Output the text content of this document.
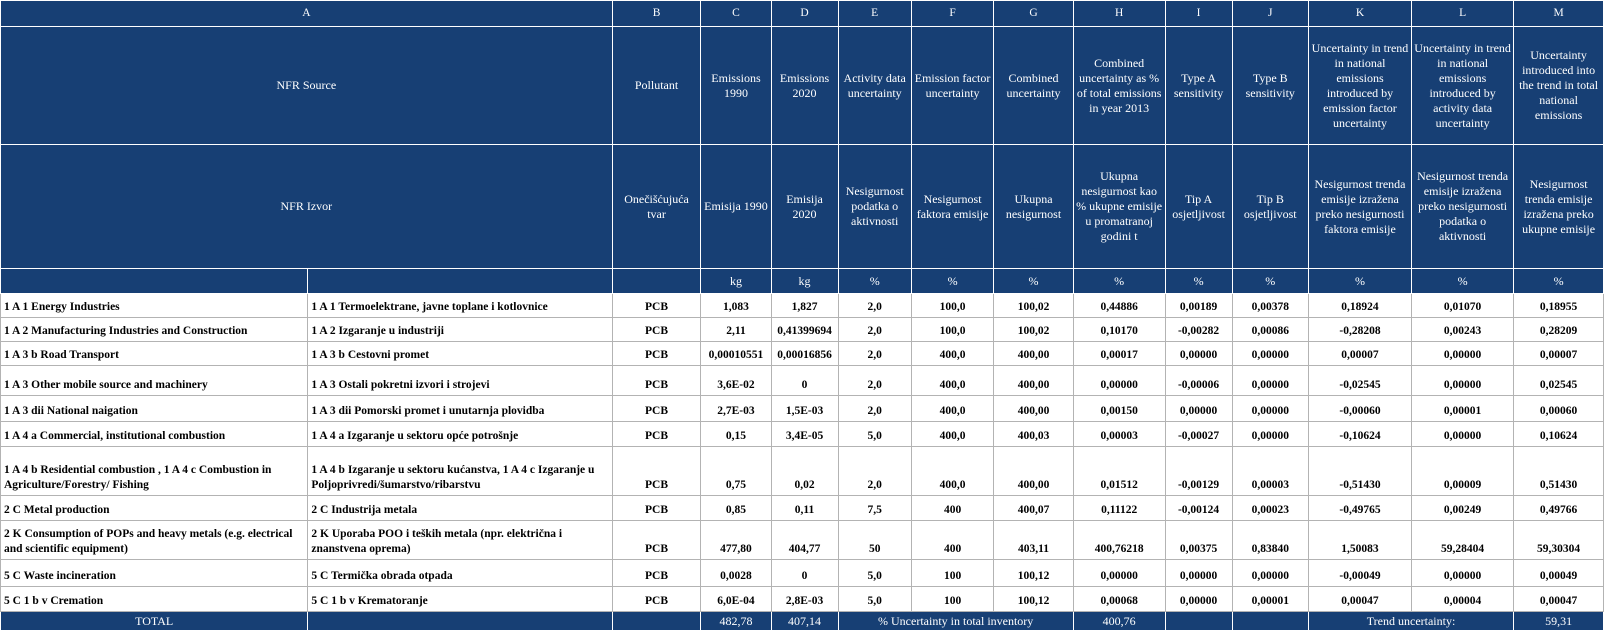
A		B	C	D	E	F	G	H	I	J	K	L	M
NFR Source		Pollutant	Emissions 1990	Emissions 2020	Activity data uncertainty	Emission factor uncertainty	Combined uncertainty	Combined uncertainty as % of total emissions in year 2013	Type A sensitivity	Type B sensitivity	Uncertainty in trend in national emissions introduced by emission factor uncertainty	Uncertainty in trend in national emissions introduced by activity data uncertainty	Uncertainty introduced into the trend in total national emissions
NFR Izvor		Onečišćujuća tvar	Emisija 1990	Emisija 2020	Nesigurnost podatka o aktivnosti	Nesigurnost faktora emisije	Ukupna nesigurnost	Ukupna nesigurnost kao % ukupne emisije u promatranoj godini t	Tip A osjetljivost	Tip B osjetljivost	Nesigurnost trenda emisije izražena preko nesigurnosti faktora emisije	Nesigurnost trenda emisije izražena preko nesigurnosti podatka o aktivnosti	Nesigurnost trenda emisije izražena preko ukupne emisije
			kg	kg	%	%	%	%	%	%	%	%	%
1 A 1 Energy Industries	1 A 1 Termoelektrane, javne toplane i kotlovnice	PCB	1,083	1,827	2,0	100,0	100,02	0,44886	0,00189	0,00378	0,18924	0,01070	0,18955
1 A 2 Manufacturing Industries and Construction	1 A 2 Izgaranje u industriji	PCB	2,11	0,41399694	2,0	100,0	100,02	0,10170	-0,00282	0,00086	-0,28208	0,00243	0,28209
1 A 3 b Road Transport	1 A 3 b Cestovni promet	PCB	0,00010551	0,00016856	2,0	400,0	400,00	0,00017	0,00000	0,00000	0,00007	0,00000	0,00007
1 A 3 Other mobile source and machinery	1 A 3 Ostali pokretni izvori i strojevi	PCB	3,6E-02	0	2,0	400,0	400,00	0,00000	-0,00006	0,00000	-0,02545	0,00000	0,02545
1 A 3 dii National naigation	1 A 3 dii Pomorski promet i unutarnja plovidba	PCB	2,7E-03	1,5E-03	2,0	400,0	400,00	0,00150	0,00000	0,00000	-0,00060	0,00001	0,00060
1 A 4 a Commercial, institutional combustion	1 A 4 a Izgaranje u sektoru opće potrošnje	PCB	0,15	3,4E-05	5,0	400,0	400,03	0,00003	-0,00027	0,00000	-0,10624	0,00000	0,10624
1 A 4 b Residential combustion , 1 A 4 c Combustion in Agriculture/Forestry/ Fishing	1 A 4 b Izgaranje u sektoru kućanstva, 1 A 4 c Izgaranje u Poljoprivredi/šumarstvo/ribarstvu	PCB	0,75	0,02	2,0	400,0	400,00	0,01512	-0,00129	0,00003	-0,51430	0,00009	0,51430
2 C Metal production	2 C Industrija metala	PCB	0,85	0,11	7,5	400	400,07	0,11122	-0,00124	0,00023	-0,49765	0,00249	0,49766
2 K Consumption of POPs and heavy metals (e.g. electrical and scientific equipment)	2 K Uporaba POO i teških metala (npr. električna i znanstvena oprema)	PCB	477,80	404,77	50	400	403,11	400,76218	0,00375	0,83840	1,50083	59,28404	59,30304
5 C Waste incineration	5 C Termička obrada otpada	PCB	0,0028	0	5,0	100	100,12	0,00000	0,00000	0,00000	-0,00049	0,00000	0,00049
5 C 1 b v Cremation	5 C 1 b v Krematoranje	PCB	6,0E-04	2,8E-03	5,0	100	100,12	0,00068	0,00000	0,00001	0,00047	0,00004	0,00047
TOTAL			482,78	407,14	% Uncertainty in total inventory			400,76			Trend uncertainty:		59,31
